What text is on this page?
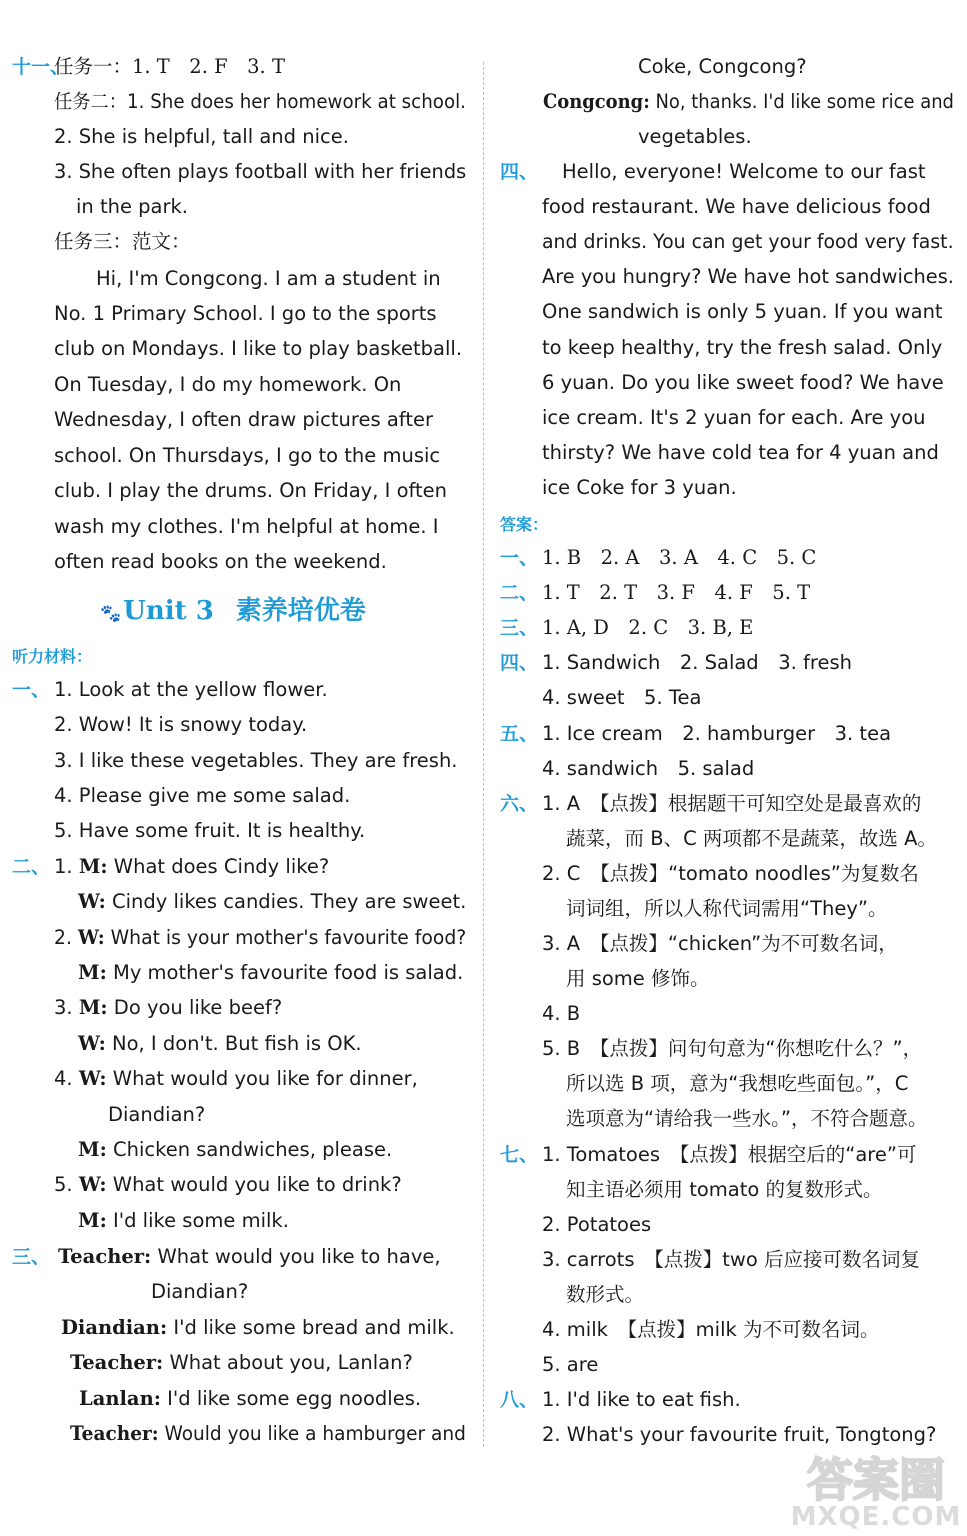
十一、任务一：1. T　2. F　3. T
任务二：1. She does her homework at school.
2. She is helpful, tall and nice.
3. She often plays football with her friends
in the park.
任务三：范文：
Hi, I'm Congcong. I am a student in
No. 1 Primary School. I go to the sports
club on Mondays. I like to play basketball.
On Tuesday, I do my homework. On
Wednesday, I often draw pictures after
school. On Thursdays, I go to the music
club. I play the drums. On Friday, I often
wash my clothes. I'm helpful at home. I
often read books on the weekend.
听力材料：
一、 1. Look at the yellow flower.
2. Wow! It is snowy today.
3. I like these vegetables. They are fresh.
4. Please give me some salad.
5. Have some fruit. It is healthy.
二、 1. M: What does Cindy like?
W: Cindy likes candies. They are sweet.
2. W: What is your mother's favourite food?
M: My mother's favourite food is salad.
3. M: Do you like beef?
W: No, I don't. But fish is OK.
4. W: What would you like for dinner,
Diandian?
M: Chicken sandwiches, please.
5. W: What would you like to drink?
M: I'd like some milk.
三、 Teacher: What would you like to have,
Diandian?
Diandian: I'd like some bread and milk.
Teacher: What about you, Lanlan?
Lanlan: I'd like some egg noodles.
Teacher: Would you like a hamburger and
🐾Unit 3 素养培优卷
Coke, Congcong?
Congcong: No, thanks. I'd like some rice and
vegetables.
四、 Hello, everyone! Welcome to our fast
food restaurant. We have delicious food
and drinks. You can get your food very fast.
Are you hungry? We have hot sandwiches.
One sandwich is only 5 yuan. If you want
to keep healthy, try the fresh salad. Only
6 yuan. Do you like sweet food? We have
ice cream. It's 2 yuan for each. Are you
thirsty? We have cold tea for 4 yuan and
ice Coke for 3 yuan.
答案：
一、 1. B　2. A　3. A　4. C　5. C
二、 1. T　2. T　3. F　4. F　5. T
三、 1. A, D　2. C　3. B, E
四、 1. Sandwich　2. Salad　3. fresh
4. sweet　5. Tea
五、 1. Ice cream　2. hamburger　3. tea
4. sandwich　5. salad
六、 1. A　【点拨】根据题干可知空处是最喜欢的
蔬菜，而 B、C 两项都不是蔬菜，故选 A。
2. C　【点拨】“tomato noodles”为复数名
词词组，所以人称代词需用“They”。
3. A　【点拨】“chicken”为不可数名词，
用 some 修饰。
4. B
5. B　【点拨】问句句意为“你想吃什么？”，
所以选 B 项，意为“我想吃些面包。”，C
选项意为“请给我一些水。”，不符合题意。
七、 1. Tomatoes　【点拨】根据空后的“are”可
知主语必须用 tomato 的复数形式。
2. Potatoes
3. carrots　【点拨】two 后应接可数名词复
数形式。
4. milk　【点拨】milk 为不可数名词。
5. are
八、 1. I'd like to eat fish.
2. What's your favourite fruit, Tongtong?
答案圈
MXQE.COM
